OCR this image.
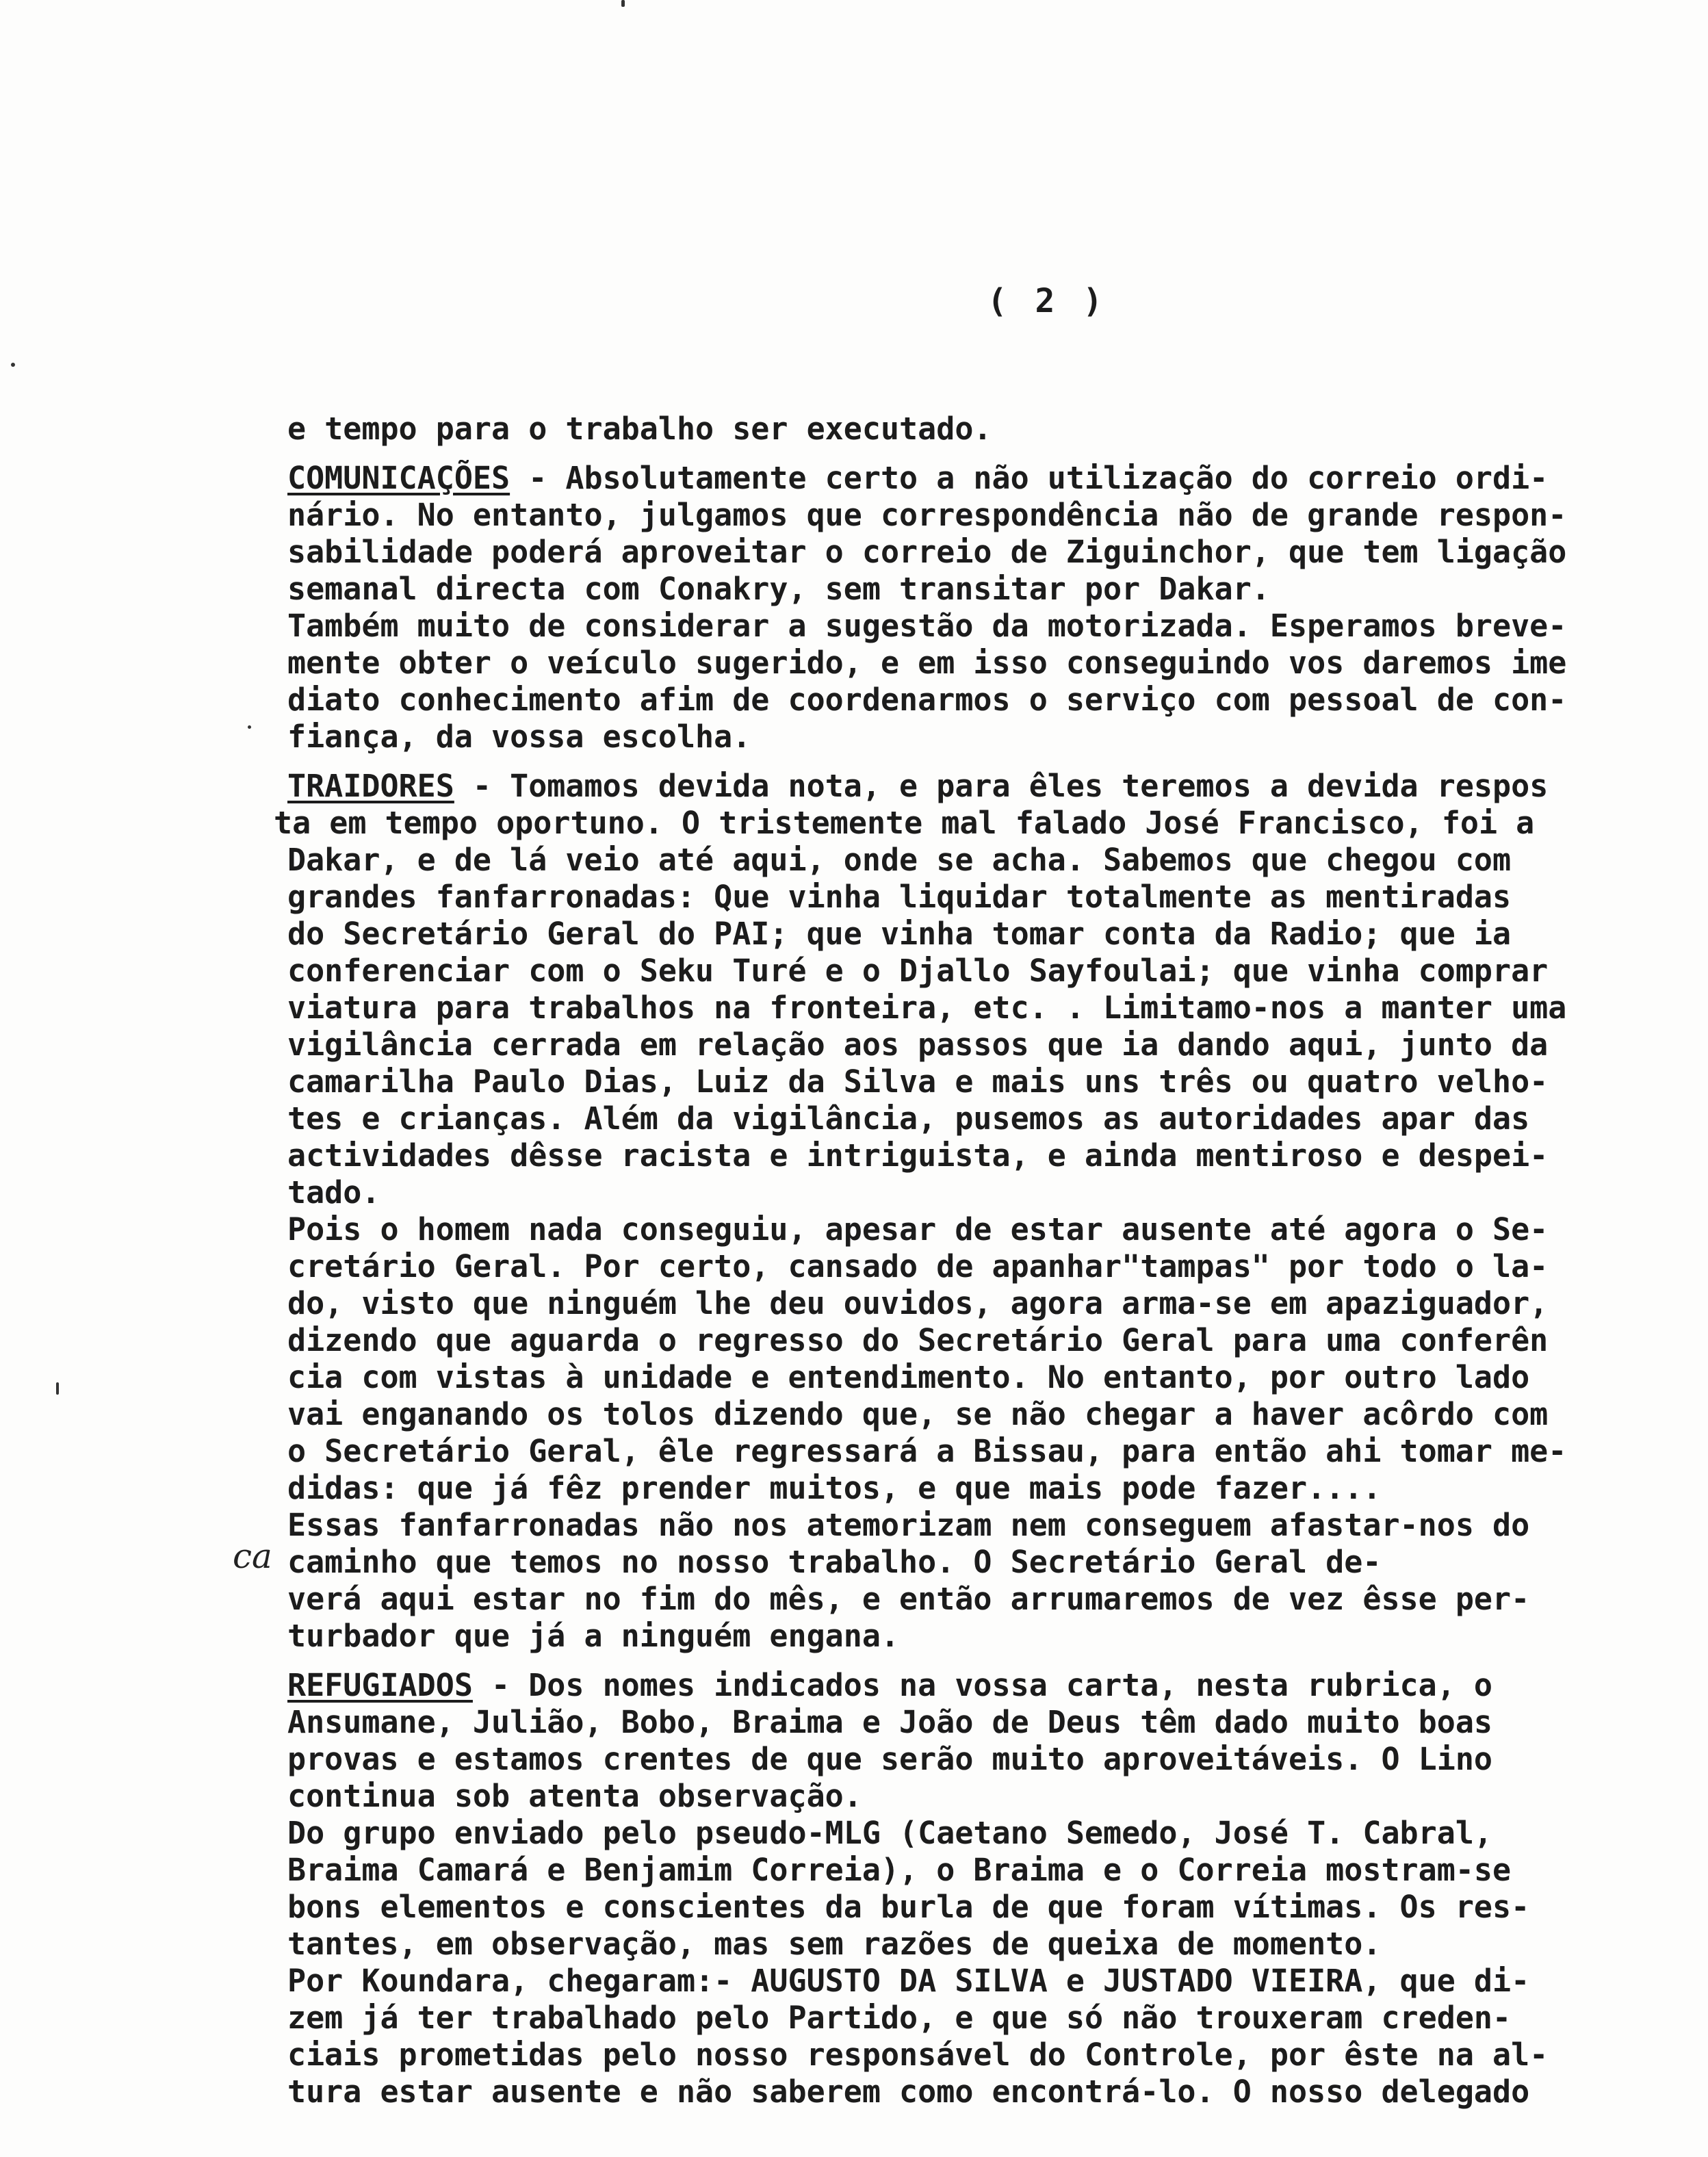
( 2 )
ca
e tempo para o trabalho ser executado.
COMUNICAÇÕES - Absolutamente certo a não utilização do correio ordi-
nário. No entanto, julgamos que correspondência não de grande respon-
sabilidade poderá aproveitar o correio de Ziguinchor, que tem ligação
semanal directa com Conakry, sem transitar por Dakar.
Também muito de considerar a sugestão da motorizada. Esperamos breve-
mente obter o veículo sugerido, e em isso conseguindo vos daremos ime
diato conhecimento afim de coordenarmos o serviço com pessoal de con-
fiança, da vossa escolha.
TRAIDORES - Tomamos devida nota, e para êles teremos a devida respos
ta em tempo oportuno. O tristemente mal falado José Francisco, foi a
Dakar, e de lá veio até aqui, onde se acha. Sabemos que chegou com
grandes fanfarronadas: Que vinha liquidar totalmente as mentiradas
do Secretário Geral do PAI; que vinha tomar conta da Radio; que ia
conferenciar com o Seku Turé e o Djallo Sayfoulai; que vinha comprar
viatura para trabalhos na fronteira, etc. . Limitamo-nos a manter uma
vigilância cerrada em relação aos passos que ia dando aqui, junto da
camarilha Paulo Dias, Luiz da Silva e mais uns três ou quatro velho-
tes e crianças. Além da vigilância, pusemos as autoridades apar das
actividades dêsse racista e intriguista, e ainda mentiroso e despei-
tado.
Pois o homem nada conseguiu, apesar de estar ausente até agora o Se-
cretário Geral. Por certo, cansado de apanhar"tampas" por todo o la-
do, visto que ninguém lhe deu ouvidos, agora arma-se em apaziguador,
dizendo que aguarda o regresso do Secretário Geral para uma conferên
cia com vistas à unidade e entendimento. No entanto, por outro lado
vai enganando os tolos dizendo que, se não chegar a haver acôrdo com
o Secretário Geral, êle regressará a Bissau, para então ahi tomar me-
didas: que já fêz prender muitos, e que mais pode fazer....
Essas fanfarronadas não nos atemorizam nem conseguem afastar-nos do
caminho que temos no nosso trabalho. O Secretário Geral de-
verá aqui estar no fim do mês, e então arrumaremos de vez êsse per-
turbador que já a ninguém engana.
REFUGIADOS - Dos nomes indicados na vossa carta, nesta rubrica, o
Ansumane, Julião, Bobo, Braima e João de Deus têm dado muito boas
provas e estamos crentes de que serão muito aproveitáveis. O Lino
continua sob atenta observação.
Do grupo enviado pelo pseudo-MLG (Caetano Semedo, José T. Cabral,
Braima Camará e Benjamim Correia), o Braima e o Correia mostram-se
bons elementos e conscientes da burla de que foram vítimas. Os res-
tantes, em observação, mas sem razões de queixa de momento.
Por Koundara, chegaram:- AUGUSTO DA SILVA e JUSTADO VIEIRA, que di-
zem já ter trabalhado pelo Partido, e que só não trouxeram creden-
ciais prometidas pelo nosso responsável do Controle, por êste na al-
tura estar ausente e não saberem como encontrá-lo. O nosso delegado
